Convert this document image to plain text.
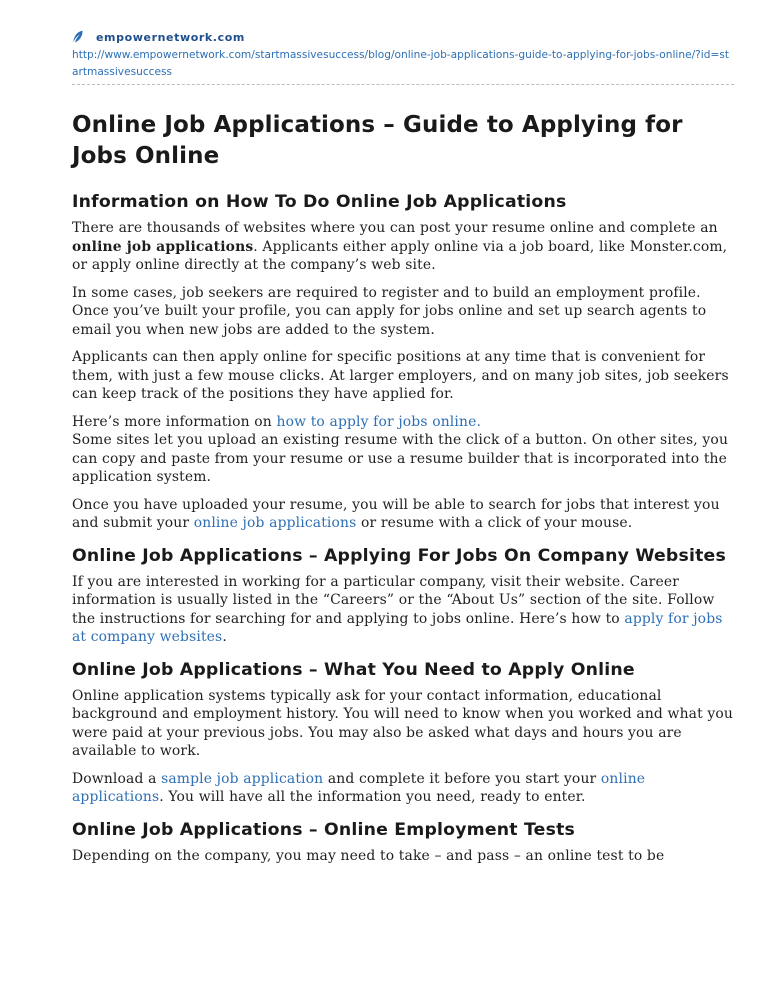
empowernetwork.com
http://www.empowernetwork.com/startmassivesuccess/blog/online-job-applications-guide-to-applying-for-jobs-online/?id=startmassivesuccess
Online Job Applications – Guide to Applying for Jobs Online
Information on How To Do Online Job Applications

There are thousands of websites where you can post your resume online and complete an online job applications. Applicants either apply online via a job board, like Monster.com, or apply online directly at the company’s web site.

In some cases, job seekers are required to register and to build an employment profile. Once you’ve built your profile, you can apply for jobs online and set up search agents to email you when new jobs are added to the system.

Applicants can then apply online for specific positions at any time that is convenient for them, with just a few mouse clicks. At larger employers, and on many job sites, job seekers can keep track of the positions they have applied for.

Here’s more information on how to apply for jobs online.
Some sites let you upload an existing resume with the click of a button. On other sites, you can copy and paste from your resume or use a resume builder that is incorporated into the application system.

Once you have uploaded your resume, you will be able to search for jobs that interest you and submit your online job applications or resume with a click of your mouse.

Online Job Applications – Applying For Jobs On Company Websites

If you are interested in working for a particular company, visit their website. Career information is usually listed in the “Careers” or the “About Us” section of the site. Follow the instructions for searching for and applying to jobs online. Here’s how to apply for jobs at company websites.

Online Job Applications – What You Need to Apply Online

Online application systems typically ask for your contact information, educational background and employment history. You will need to know when you worked and what you were paid at your previous jobs. You may also be asked what days and hours you are available to work.

Download a sample job application and complete it before you start your online applications. You will have all the information you need, ready to enter.

Online Job Applications – Online Employment Tests

Depending on the company, you may need to take – and pass – an online test to be
